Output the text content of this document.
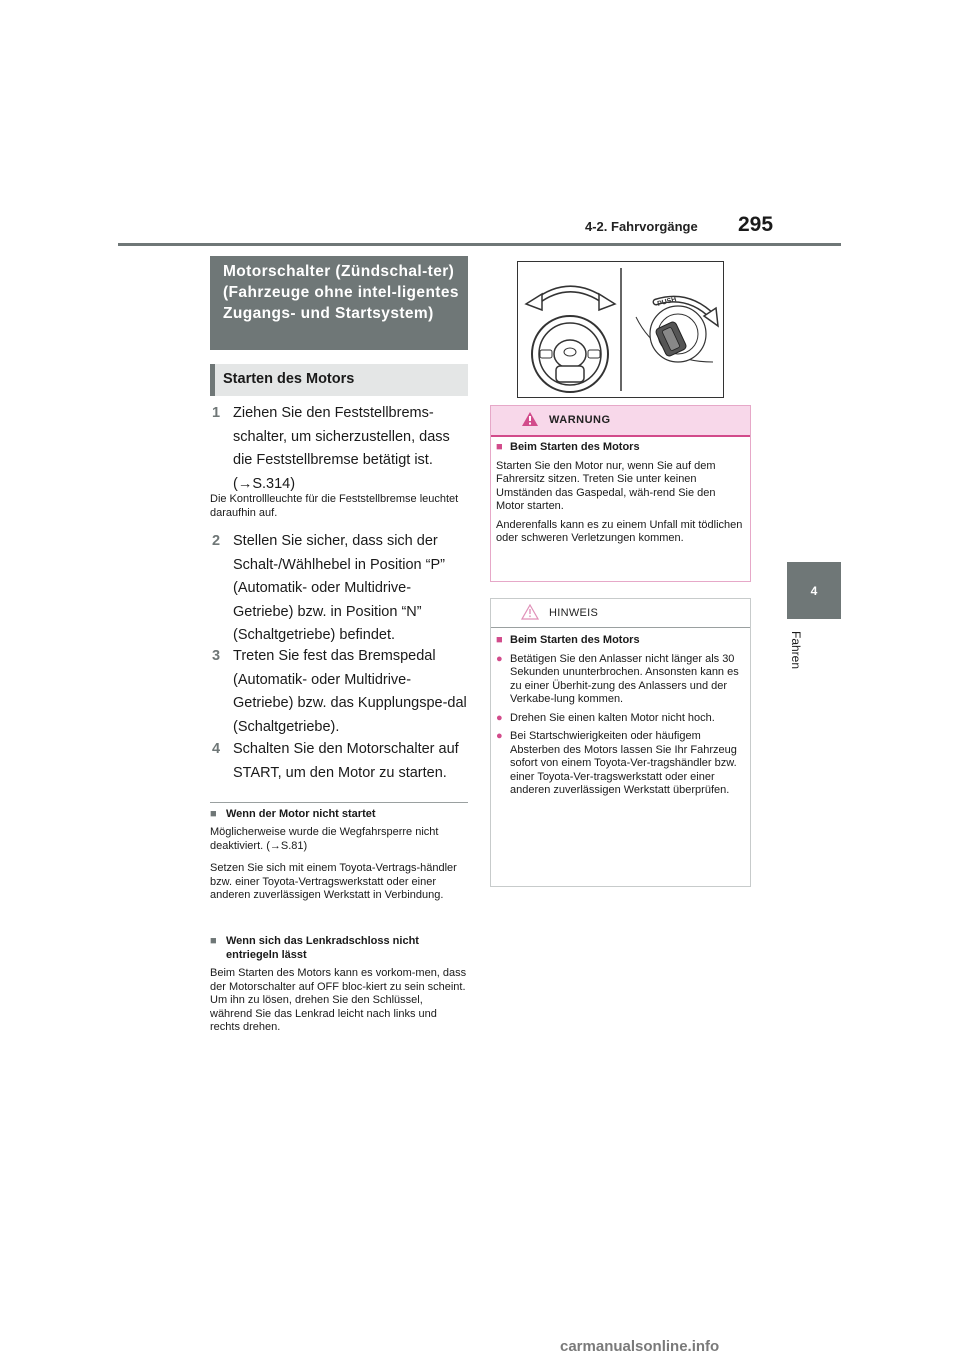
4-2. Fahrvorgänge 295
4
Fahren
Motorschalter (Zündschal-ter) (Fahrzeuge ohne intel-ligentes Zugangs- und Startsystem)
Starten des Motors
1 Ziehen Sie den Feststellbrems-schalter, um sicherzustellen, dass die Feststellbremse betätigt ist. (→S.314)
Die Kontrollleuchte für die Feststellbremse leuchtet daraufhin auf.
2 Stellen Sie sicher, dass sich der Schalt-/Wählhebel in Position “P” (Automatik- oder Multidrive-Getriebe) bzw. in Position “N” (Schaltgetriebe) befindet.
3 Treten Sie fest das Bremspedal (Automatik- oder Multidrive-Getriebe) bzw. das Kupplungspe-dal (Schaltgetriebe).
4 Schalten Sie den Motorschalter auf START, um den Motor zu starten.
■ Wenn der Motor nicht startet
Möglicherweise wurde die Wegfahrsperre nicht deaktiviert. (→S.81)
Setzen Sie sich mit einem Toyota-Vertrags-händler bzw. einer Toyota-Vertragswerkstatt oder einer anderen zuverlässigen Werkstatt in Verbindung.
■ Wenn sich das Lenkradschloss nicht entriegeln lässt
Beim Starten des Motors kann es vorkom-men, dass der Motorschalter auf OFF bloc-kiert zu sein scheint. Um ihn zu lösen, drehen Sie den Schlüssel, während Sie das Lenkrad leicht nach links und rechts drehen.
PUSH
WARNUNG
■ Beim Starten des Motors
Starten Sie den Motor nur, wenn Sie auf dem Fahrersitz sitzen. Treten Sie unter keinen Umständen das Gaspedal, wäh-rend Sie den Motor starten.
Anderenfalls kann es zu einem Unfall mit tödlichen oder schweren Verletzungen kommen.
HINWEIS
■ Beim Starten des Motors
● Betätigen Sie den Anlasser nicht länger als 30 Sekunden ununterbrochen. Ansonsten kann es zu einer Überhit-zung des Anlassers und der Verkabe-lung kommen.
● Drehen Sie einen kalten Motor nicht hoch.
● Bei Startschwierigkeiten oder häufigem Absterben des Motors lassen Sie Ihr Fahrzeug sofort von einem Toyota-Ver-tragshändler bzw. einer Toyota-Ver-tragswerkstatt oder einer anderen zuverlässigen Werkstatt überprüfen.
carmanualsonline.info
